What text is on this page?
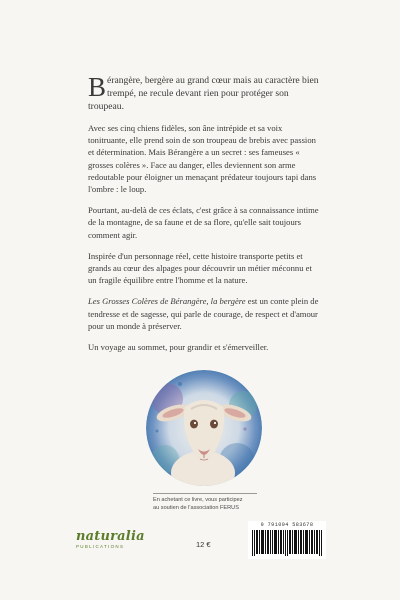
B érangère, bergère au grand cœur mais au caractère bien trempé, ne recule devant rien pour protéger son troupeau.

Avec ses cinq chiens fidèles, son âne intrépide et sa voix tonitruante, elle prend soin de son troupeau de brebis avec passion et détermination. Mais Bérangère a un secret : ses fameuses « grosses colères ». Face au danger, elles deviennent son arme redoutable pour éloigner un menaçant prédateur toujours tapi dans l'ombre : le loup.

Pourtant, au-delà de ces éclats, c'est grâce à sa connaissance intime de la montagne, de sa faune et de sa flore, qu'elle sait toujours comment agir.

Inspirée d'un personnage réel, cette histoire transporte petits et grands au cœur des alpages pour découvrir un métier méconnu et un fragile équilibre entre l'homme et la nature.

Les Grosses Colères de Bérangère, la bergère est un conte plein de tendresse et de sagesse, qui parle de courage, de respect et d'amour pour un monde à préserver.

Un voyage au sommet, pour grandir et s'émerveiller.

En achetant ce livre, vous participez
au soutien de l'association FERUS
naturalia
PUBLICATIONS	12 €
9 791094 583678
